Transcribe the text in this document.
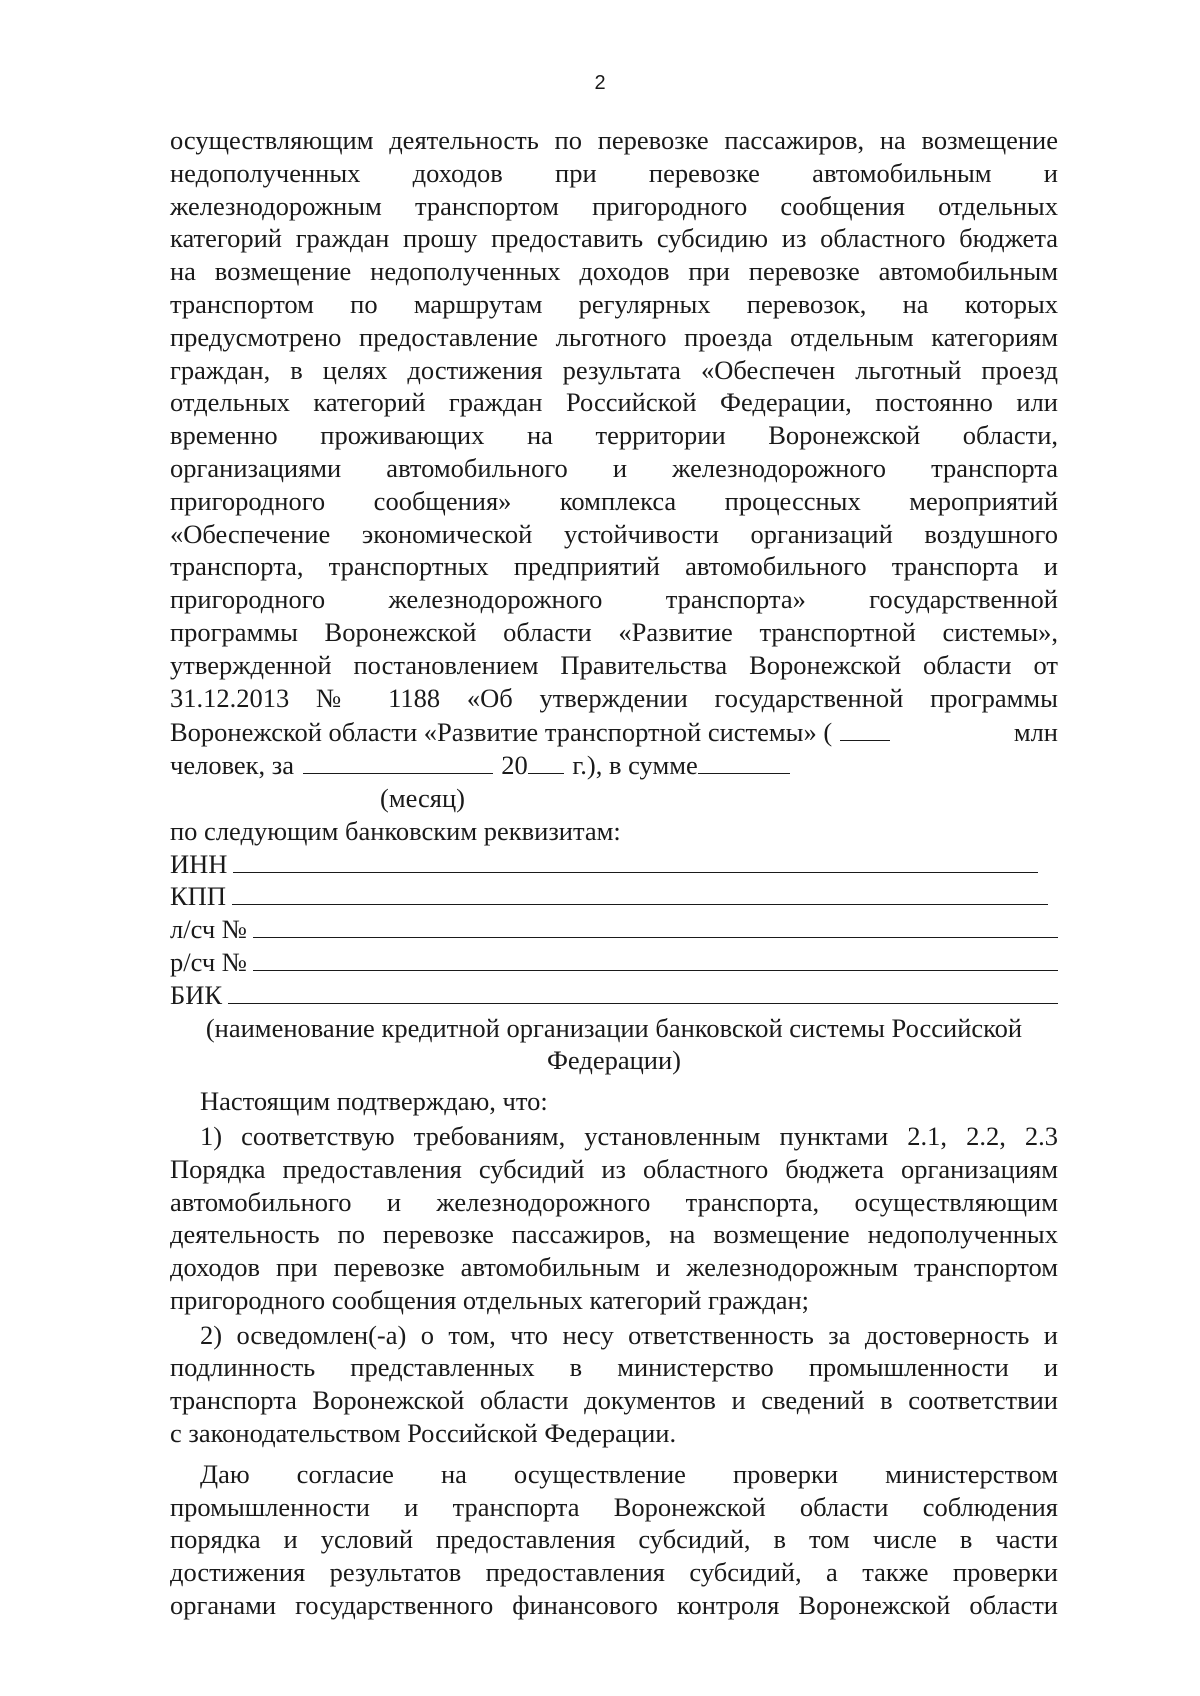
2
осуществляющим деятельность по перевозке пассажиров, на возмещение
недополученных доходов при перевозке автомобильным и
железнодорожным транспортом пригородного сообщения отдельных
категорий граждан прошу предоставить субсидию из областного бюджета
на возмещение недополученных доходов при перевозке автомобильным
транспортом по маршрутам регулярных перевозок, на которых
предусмотрено предоставление льготного проезда отдельным категориям
граждан, в целях достижения результата «Обеспечен льготный проезд
отдельных категорий граждан Российской Федерации, постоянно или
временно проживающих на территории Воронежской области,
организациями автомобильного и железнодорожного транспорта
пригородного сообщения» комплекса процессных мероприятий
«Обеспечение экономической устойчивости организаций воздушного
транспорта, транспортных предприятий автомобильного транспорта и
пригородного железнодорожного транспорта» государственной
программы Воронежской области «Развитие транспортной системы»,
утвержденной постановлением Правительства Воронежской области от
31.12.2013 № 1188 «Об утверждении государственной программы
Воронежской области «Развитие транспортной системы» (	млн
человек, за	20 г.), в сумме
(месяц)
по следующим банковским реквизитам:
ИНН
КПП
л/сч №
р/сч №
БИК
(наименование кредитной организации банковской системы Российской
Федерации)
Настоящим подтверждаю, что:
1) соответствую требованиям, установленным пунктами 2.1, 2.2, 2.3
Порядка предоставления субсидий из областного бюджета организациям
автомобильного и железнодорожного транспорта, осуществляющим
деятельность по перевозке пассажиров, на возмещение недополученных
доходов при перевозке автомобильным и железнодорожным транспортом
пригородного сообщения отдельных категорий граждан;
2) осведомлен(-а) о том, что несу ответственность за достоверность и
подлинность представленных в министерство промышленности и
транспорта Воронежской области документов и сведений в соответствии
с законодательством Российской Федерации.
Даю согласие на осуществление проверки министерством
промышленности и транспорта Воронежской области соблюдения
порядка и условий предоставления субсидий, в том числе в части
достижения результатов предоставления субсидий, а также проверки
органами государственного финансового контроля Воронежской области
